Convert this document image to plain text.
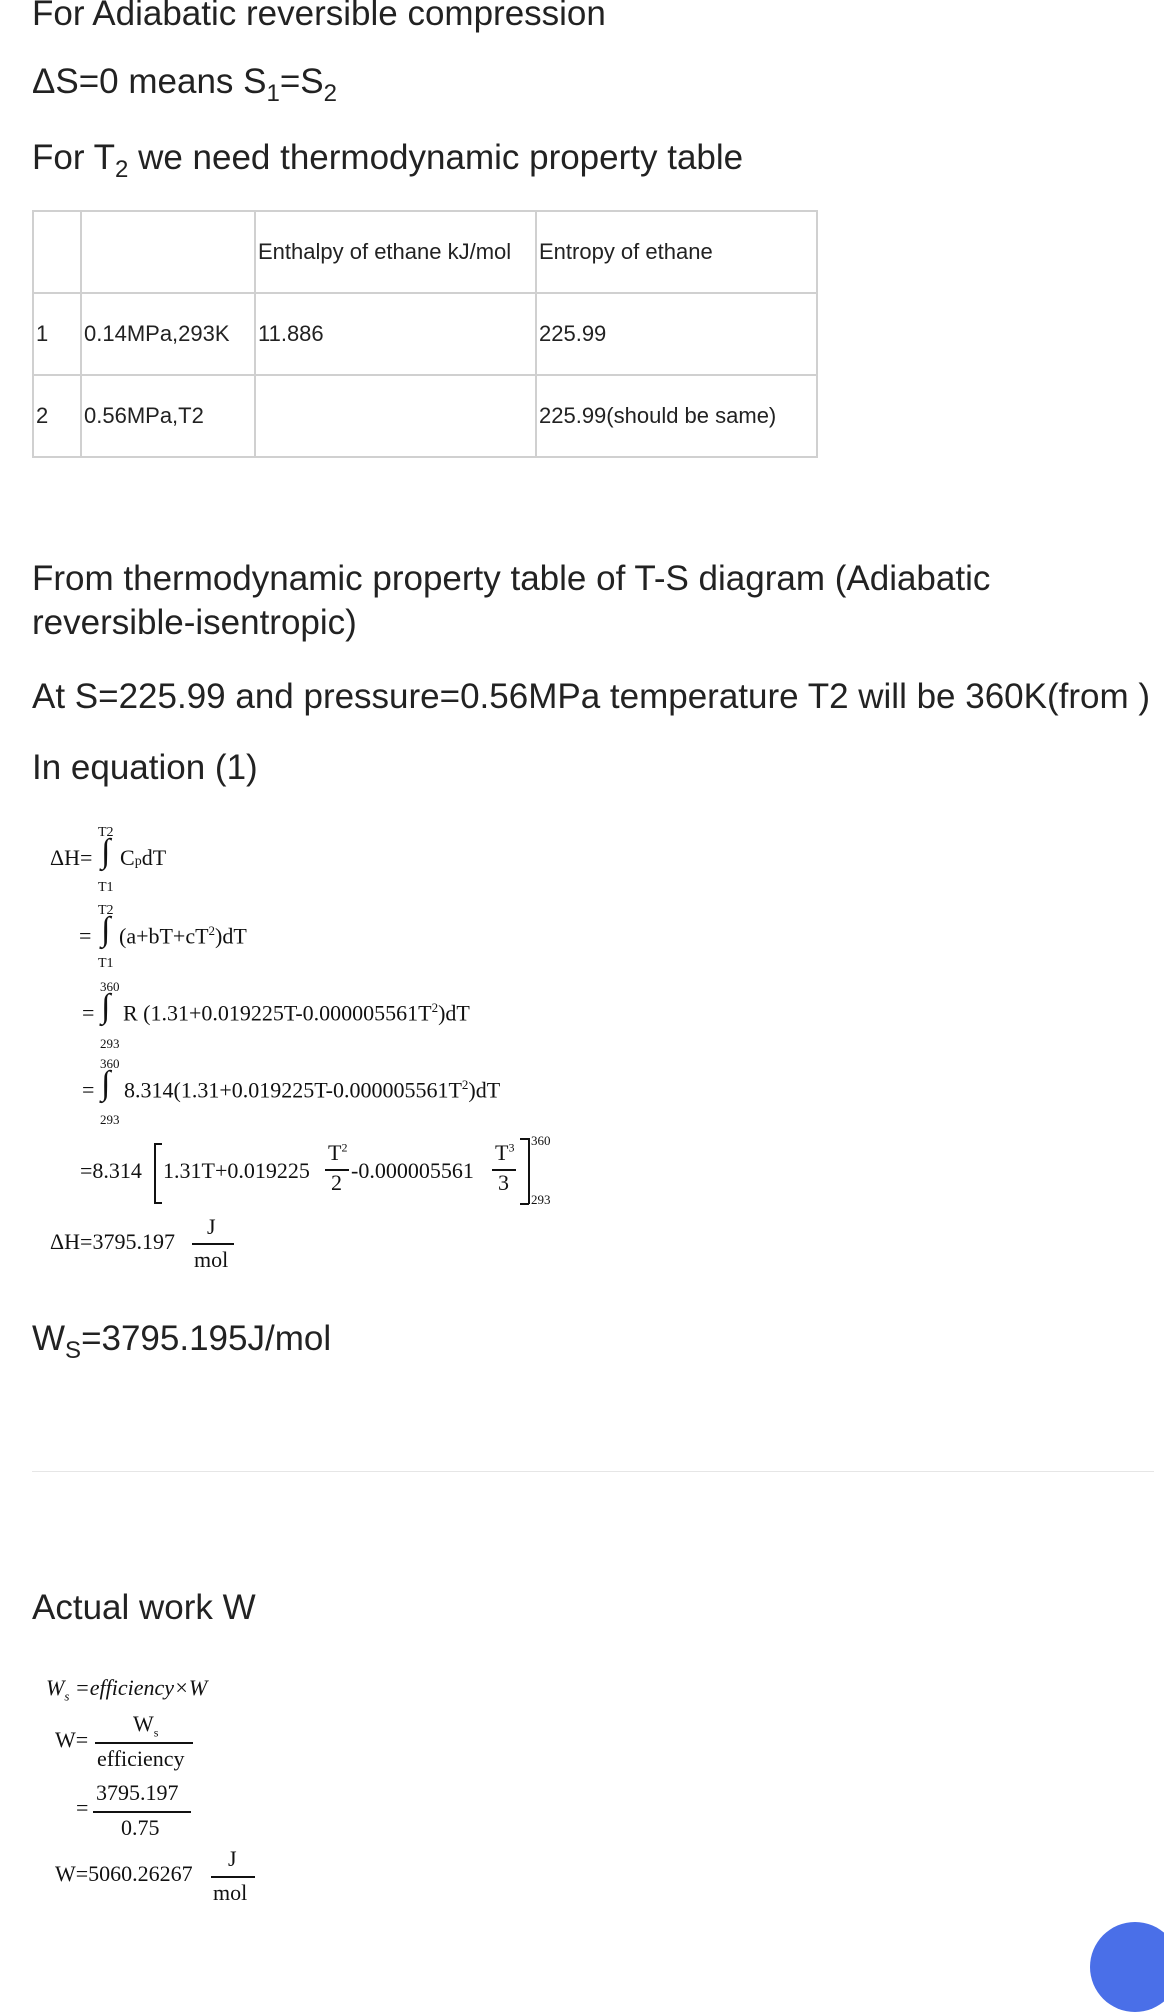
For Adiabatic reversible compression
ΔS=0 means $S_1=S_2$
For $T_2$ we need thermodynamic property table
		Enthalpy of ethane kJ/mol	Entropy of ethane
1	0.14MPa,293K	11.886	225.99
2	0.56MPa,T2		225.99(should be same)
From thermodynamic property table of T-S diagram (Adiabatic reversible-isentropic)
At S=225.99 and pressure=0.56MPa temperature T2 will be 360K(from )
In equation (1)
T2
ΔH= ∫ CpdT
T1
T2
= ∫ $(a+bT+cT^2)dT$
T1
360
= ∫ R $(1.31+0.019225T-0.000005561T^2)dT$
293
360
= ∫ $8.314(1.31+0.019225T-0.000005561T^2)dT$
293
=8.314 1.31T+0.019225
$T^2$
2 -0.000005561
$T^3$
3
360
293
ΔH=3795.197
J
mol
$W_S=3795.195J$/mol
Actual work W
$W_s$ =efficiency×W
W=
$W_s$
efficiency
=
3795.197
0.75
W=5060.26267
J
mol
